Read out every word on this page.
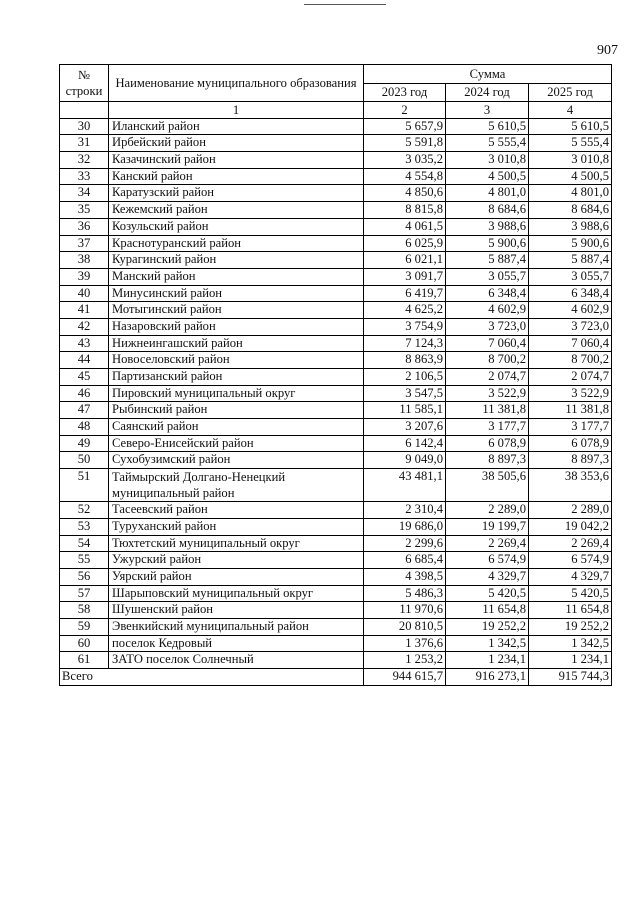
907
№
строки	Наименование муниципального образования	Сумма		
		2023 год	2024 год	2025 год
	1	2	3	4
30	Иланский район	5 657,9	5 610,5	5 610,5
31	Ирбейский район	5 591,8	5 555,4	5 555,4
32	Казачинский район	3 035,2	3 010,8	3 010,8
33	Канский район	4 554,8	4 500,5	4 500,5
34	Каратузский район	4 850,6	4 801,0	4 801,0
35	Кежемский район	8 815,8	8 684,6	8 684,6
36	Козульский район	4 061,5	3 988,6	3 988,6
37	Краснотуранский район	6 025,9	5 900,6	5 900,6
38	Курагинский район	6 021,1	5 887,4	5 887,4
39	Манский район	3 091,7	3 055,7	3 055,7
40	Минусинский район	6 419,7	6 348,4	6 348,4
41	Мотыгинский район	4 625,2	4 602,9	4 602,9
42	Назаровский район	3 754,9	3 723,0	3 723,0
43	Нижнеингашский район	7 124,3	7 060,4	7 060,4
44	Новоселовский район	8 863,9	8 700,2	8 700,2
45	Партизанский район	2 106,5	2 074,7	2 074,7
46	Пировский муниципальный округ	3 547,5	3 522,9	3 522,9
47	Рыбинский район	11 585,1	11 381,8	11 381,8
48	Саянский район	3 207,6	3 177,7	3 177,7
49	Северо-Енисейский район	6 142,4	6 078,9	6 078,9
50	Сухобузимский район	9 049,0	8 897,3	8 897,3
51	Таймырский Долгано-Ненецкий муниципальный район	43 481,1	38 505,6	38 353,6
52	Тасеевский район	2 310,4	2 289,0	2 289,0
53	Туруханский район	19 686,0	19 199,7	19 042,2
54	Тюхтетский муниципальный округ	2 299,6	2 269,4	2 269,4
55	Ужурский район	6 685,4	6 574,9	6 574,9
56	Уярский район	4 398,5	4 329,7	4 329,7
57	Шарыповский муниципальный округ	5 486,3	5 420,5	5 420,5
58	Шушенский район	11 970,6	11 654,8	11 654,8
59	Эвенкийский муниципальный район	20 810,5	19 252,2	19 252,2
60	поселок Кедровый	1 376,6	1 342,5	1 342,5
61	ЗАТО поселок Солнечный	1 253,2	1 234,1	1 234,1
Всего		944 615,7	916 273,1	915 744,3
